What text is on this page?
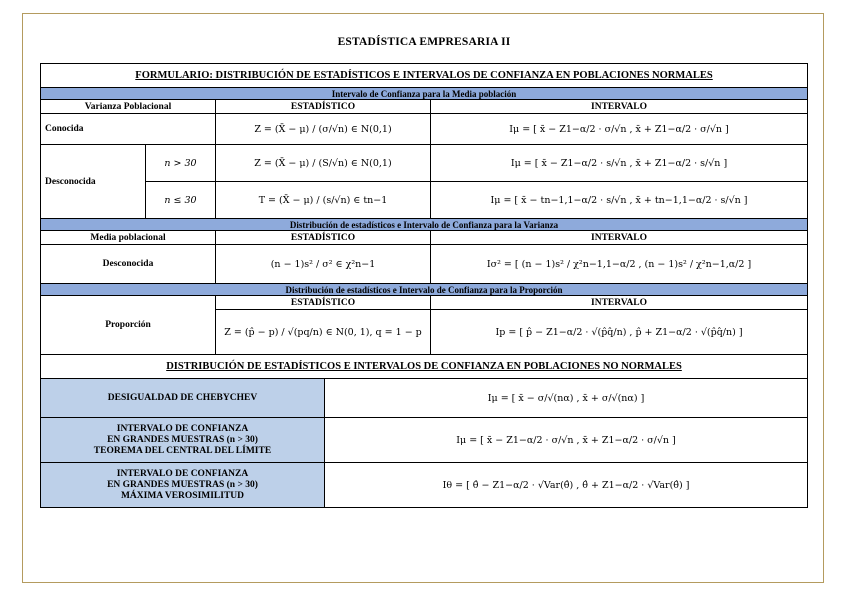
ESTADÍSTICA EMPRESARIA II
FORMULARIO: DISTRIBUCIÓN DE ESTADÍSTICOS E INTERVALOS DE CONFIANZA EN POBLACIONES NORMALES				
Intervalo de Confianza para la Media población				
Varianza Poblacional		ESTADÍSTICO		INTERVALO
Conocida		Z = (X̄ − μ) / (σ/√n) ∈ N(0,1)		Iμ = [ x̄ − Z1−α/2 · σ/√n , x̄ + Z1−α/2 · σ/√n ]
Desconocida	n > 30	Z = (X̄ − μ) / (S/√n) ∈ N(0,1)		Iμ = [ x̄ − Z1−α/2 · s/√n , x̄ + Z1−α/2 · s/√n ]
	n ≤ 30	T = (X̄ − μ) / (s/√n) ∈ tn−1		Iμ = [ x̄ − tn−1,1−α/2 · s/√n , x̄ + tn−1,1−α/2 · s/√n ]
Distribución de estadísticos e Intervalo de Confianza para la Varianza				
Media poblacional		ESTADÍSTICO		INTERVALO
Desconocida		(n − 1)s² / σ² ∈ χ²n−1		Iσ² = [ (n − 1)s² / χ²n−1,1−α/2 , (n − 1)s² / χ²n−1,α/2 ]
Distribución de estadísticos e Intervalo de Confianza para la Proporción				
Proporción		ESTADÍSTICO		INTERVALO
		Z = (p̂ − p) / √(pq/n) ∈ N(0, 1), q = 1 − p		Ip = [ p̂ − Z1−α/2 · √(p̂q̂/n) , p̂ + Z1−α/2 · √(p̂q̂/n) ]
DISTRIBUCIÓN DE ESTADÍSTICOS E INTERVALOS DE CONFIANZA EN POBLACIONES NO NORMALES				
DESIGUALDAD DE CHEBYCHEV			Iμ = [ x̄ − σ/√(nα) , x̄ + σ/√(nα) ]	

INTERVALO DE CONFIANZA
EN GRANDES MUESTRAS (n > 30)
TEOREMA DEL CENTRAL DEL LÍMITE			Iμ = [ x̄ − Z1−α/2 · σ/√n , x̄ + Z1−α/2 · σ/√n ]	

INTERVALO DE CONFIANZA
EN GRANDES MUESTRAS (n > 30)
MÁXIMA VEROSIMILITUD			Iθ = [ θ̂ − Z1−α/2 · √Var(θ̂) , θ̂ + Z1−α/2 · √Var(θ̂) ]	
